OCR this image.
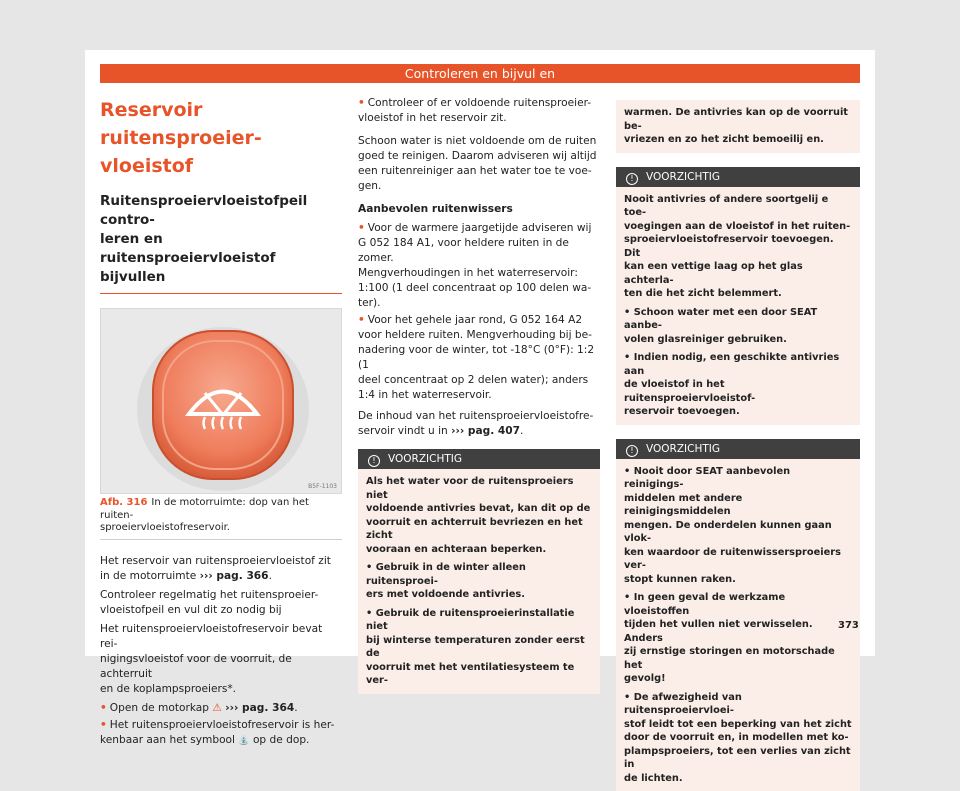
Controleren en bijvul en
Reservoir ruitensproeier-
vloeistof
Ruitensproeiervloeistofpeil contro-
leren en ruitensproeiervloeistof
bijvullen
B5F-1103
Afb. 316 In de motorruimte: dop van het ruiten-
sproeiervloeistofreservoir.

Het reservoir van ruitensproeiervloeistof zit in de motorruimte ››› pag. 366.

Controleer regelmatig het ruitensproeier-
vloeistofpeil en vul dit zo nodig bij

Het ruitensproeiervloeistofreservoir bevat rei-
nigingsvloeistof voor de voorruit, de achterruit
en de koplampsproeiers*.

• Open de motorkap ⚠ ››› pag. 364.
• Het ruitensproeiervloeistofreservoir is her-
kenbaar aan het symbool ⛲ op de dop.
• Controleer of er voldoende ruitensproeier-
vloeistof in het reservoir zit.

Schoon water is niet voldoende om de ruiten
goed te reinigen. Daarom adviseren wij altijd
een ruitenreiniger aan het water toe te voe-
gen.

Aanbevolen ruitenwissers
• Voor de warmere jaargetijde adviseren wij
G 052 184 A1, voor heldere ruiten in de zomer.
Mengverhoudingen in het waterreservoir:
1:100 (1 deel concentraat op 100 delen wa-
ter).
• Voor het gehele jaar rond, G 052 164 A2
voor heldere ruiten. Mengverhouding bij be-
nadering voor de winter, tot -18°C (0°F): 1:2 (1
deel concentraat op 2 delen water); anders
1:4 in het waterreservoir.

De inhoud van het ruitensproeiervloeistofre-
servoir vindt u in ››› pag. 407.

! VOORZICHTIG
Als het water voor de ruitensproeiers niet
voldoende antivries bevat, kan dit op de
voorruit en achterruit bevriezen en het zicht
vooraan en achteraan beperken.
• Gebruik in de winter alleen ruitensproei-
ers met voldoende antivries.
• Gebruik de ruitensproeierinstallatie niet
bij winterse temperaturen zonder eerst de
voorruit met het ventilatiesysteem te ver-
warmen. De antivries kan op de voorruit be-
vriezen en zo het zicht bemoeilij en.
! VOORZICHTIG
Nooit antivries of andere soortgelij e toe-
voegingen aan de vloeistof in het ruiten-
sproeiervloeistofreservoir toevoegen. Dit
kan een vettige laag op het glas achterla-
ten die het zicht belemmert.
• Schoon water met een door SEAT aanbe-
volen glasreiniger gebruiken.
• Indien nodig, een geschikte antivries aan
de vloeistof in het ruitensproeiervloeistof-
reservoir toevoegen.
! VOORZICHTIG
• Nooit door SEAT aanbevolen reinigings-
middelen met andere reinigingsmiddelen
mengen. De onderdelen kunnen gaan vlok-
ken waardoor de ruitenwissersproeiers ver-
stopt kunnen raken.
• In geen geval de werkzame vloeistoffen
tijden het vullen niet verwisselen. Anders
zij ernstige storingen en motorschade het
gevolg!
• De afwezigheid van ruitensproeiervloei-
stof leidt tot een beperking van het zicht
door de voorruit en, in modellen met ko-
plampsproeiers, tot een verlies van zicht in
de lichten.
373
